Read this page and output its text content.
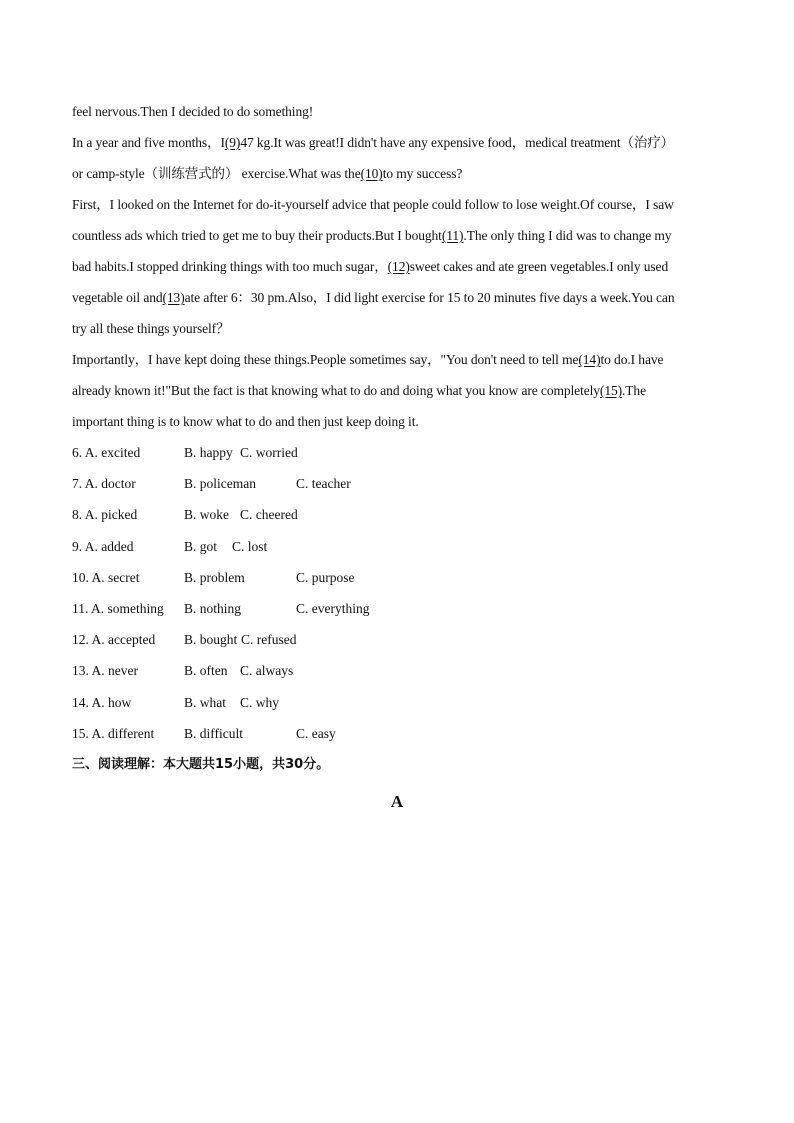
feel nervous.Then I decided to do something!
In a year and five months，I(9)47 kg.It was great!I didn't have any expensive food，medical treatment（治疗）
or camp-style（训练营式的） exercise.What was the(10)to my success?
First，I looked on the Internet for do-it-yourself advice that people could follow to lose weight.Of course，I saw
countless ads which tried to get me to buy their products.But I bought(11).The only thing I did was to change my
bad habits.I stopped drinking things with too much sugar，(12)sweet cakes and ate green vegetables.I only used
vegetable oil and(13)ate after 6：30 pm.Also，I did light exercise for 15 to 20 minutes five days a week.You can
try all these things yourself？
Importantly，I have kept doing these things.People sometimes say，"You don't need to tell me(14)to do.I have
already known it!"But the fact is that knowing what to do and doing what you know are completely(15).The
important thing is to know what to do and then just keep doing it.
6. A. excited	B. happy C. worried
7. A. doctor	B. policeman	C. teacher
8. A. picked	B. woke C. cheered
9. A. added	B. got C. lost
10. A. secret	B. problem	C. purpose
11. A. something B. nothing	C. everything
12. A. accepted B. bought C. refused
13. A. never	B. often C. always
14. A. how	B. what C. why
15. A. different B. difficult	C. easy
三、阅读理解：本大题共15小题，共30分。
A
